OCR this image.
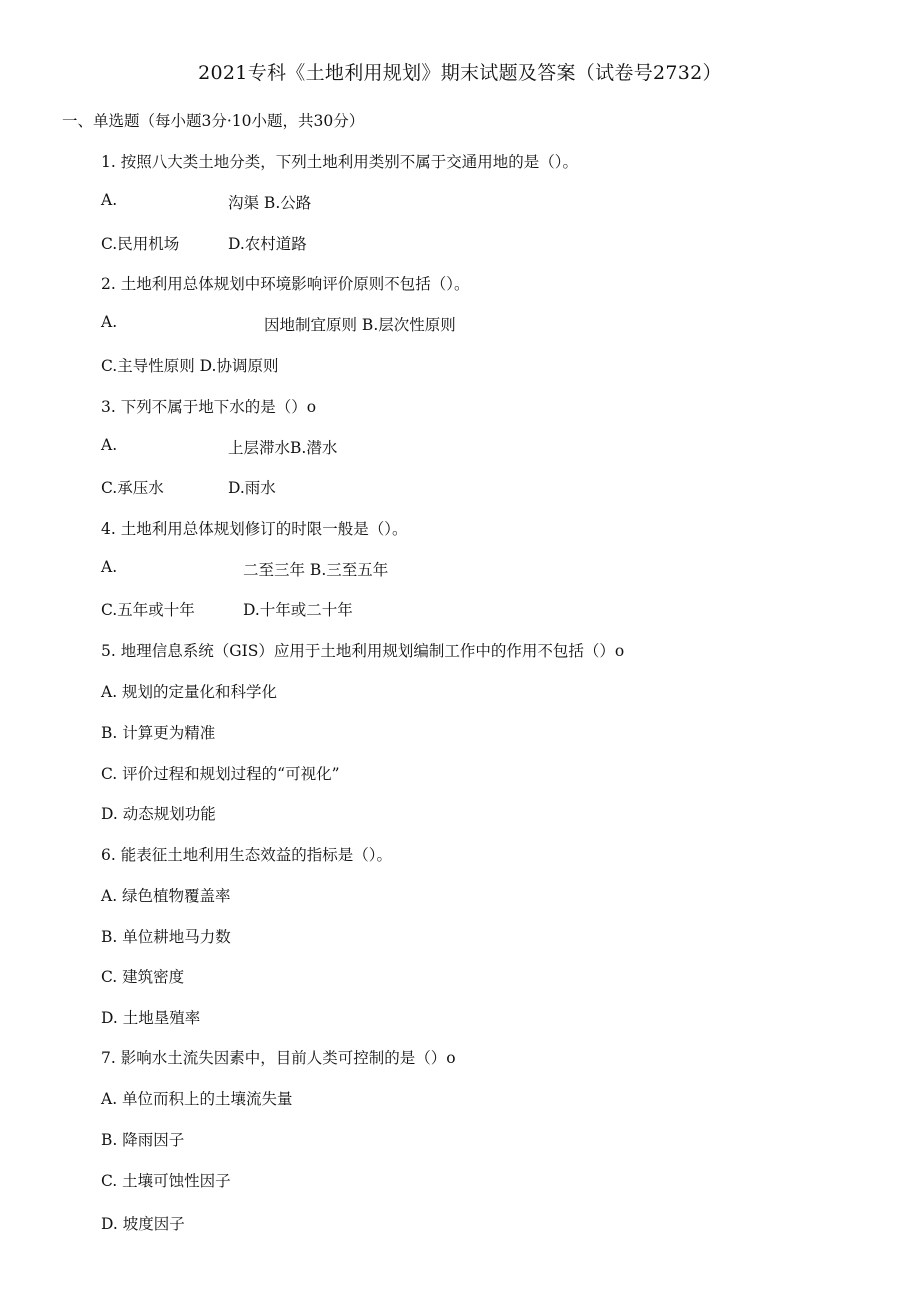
2021专科《土地利用规划》期末试题及答案（试卷号2732）
一、单选题（每小题3分·10小题，共30分）
1. 按照八大类土地分类，下列土地利用类别不属于交通用地的是（）。
A.	沟渠 B.公路
C.民用机场	D.农村道路
2. 土地利用总体规划中环境影响评价原则不包括（）。
A.	因地制宜原则 B.层次性原则
C.主导性原则 D.协调原则
3. 下列不属于地下水的是（）o
A.	上层滞水B.潜水
C.承压水	D.雨水
4. 土地利用总体规划修订的时限一般是（）。
A.	二至三年 B.三至五年
C.五年或十年	D.十年或二十年
5. 地理信息系统（GIS）应用于土地利用规划编制工作中的作用不包括（）o
A. 规划的定量化和科学化
B. 计算更为精准
C. 评价过程和规划过程的“可视化”
D. 动态规划功能
6. 能表征土地利用生态效益的指标是（）。
A. 绿色植物覆盖率
B. 单位耕地马力数
C. 建筑密度
D. 土地垦殖率
7. 影响水土流失因素中，目前人类可控制的是（）o
A. 单位而积上的土壤流失量
B. 降雨因子
C. 土壤可蚀性因子
D. 坡度因子
